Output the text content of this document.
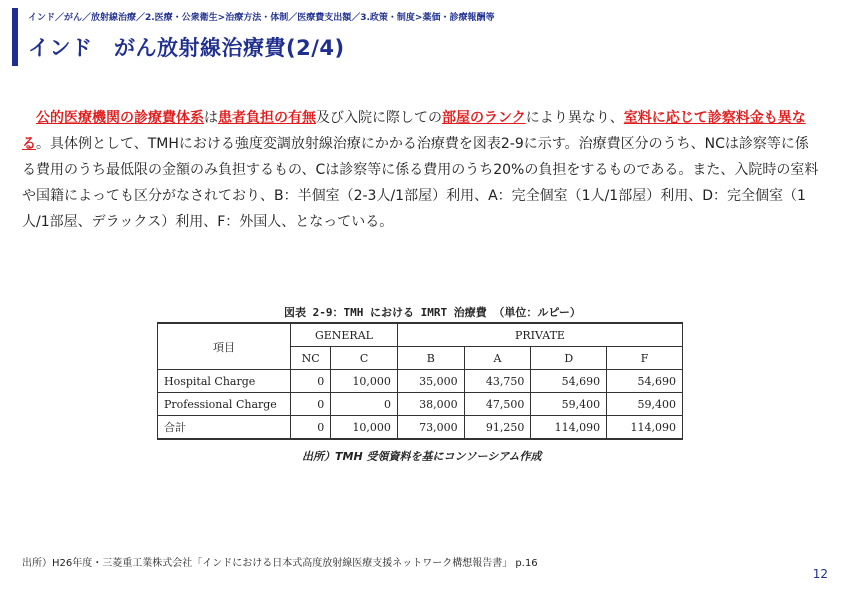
インド／がん／放射線治療／2.医療・公衆衛生>治療方法・体制／医療費支出額／3.政策・制度>薬価・診療報酬等
インド　がん放射線治療費(2/4)
　公的医療機関の診療費体系は患者負担の有無及び入院に際しての部屋のランクにより異なり、室料に応じて診察料金も異なる。具体例として、TMHにおける強度変調放射線治療にかかる治療費を図表2-9に示す。治療費区分のうち、NCは診察等に係る費用のうち最低限の金額のみ負担するもの、Cは診察等に係る費用のうち20%の負担をするものである。また、入院時の室料や国籍によっても区分がなされており、B：半個室（2-3人/1部屋）利用、A：完全個室（1人/1部屋）利用、D：完全個室（1人/1部屋、デラックス）利用、F：外国人、となっている。
図表 2-9：TMH における IMRT 治療費 （単位：ルピー）
項目	GENERAL		PRIVATE			
	NC	C	B	A	D	F
Hospital Charge	0	10,000	35,000	43,750	54,690	54,690
Professional Charge	0	0	38,000	47,500	59,400	59,400
合計	0	10,000	73,000	91,250	114,090	114,090
出所）TMH 受領資料を基にコンソーシアム作成
出所）H26年度・三菱重工業株式会社「インドにおける日本式高度放射線医療支援ネットワーク構想報告書」 p.16
12
